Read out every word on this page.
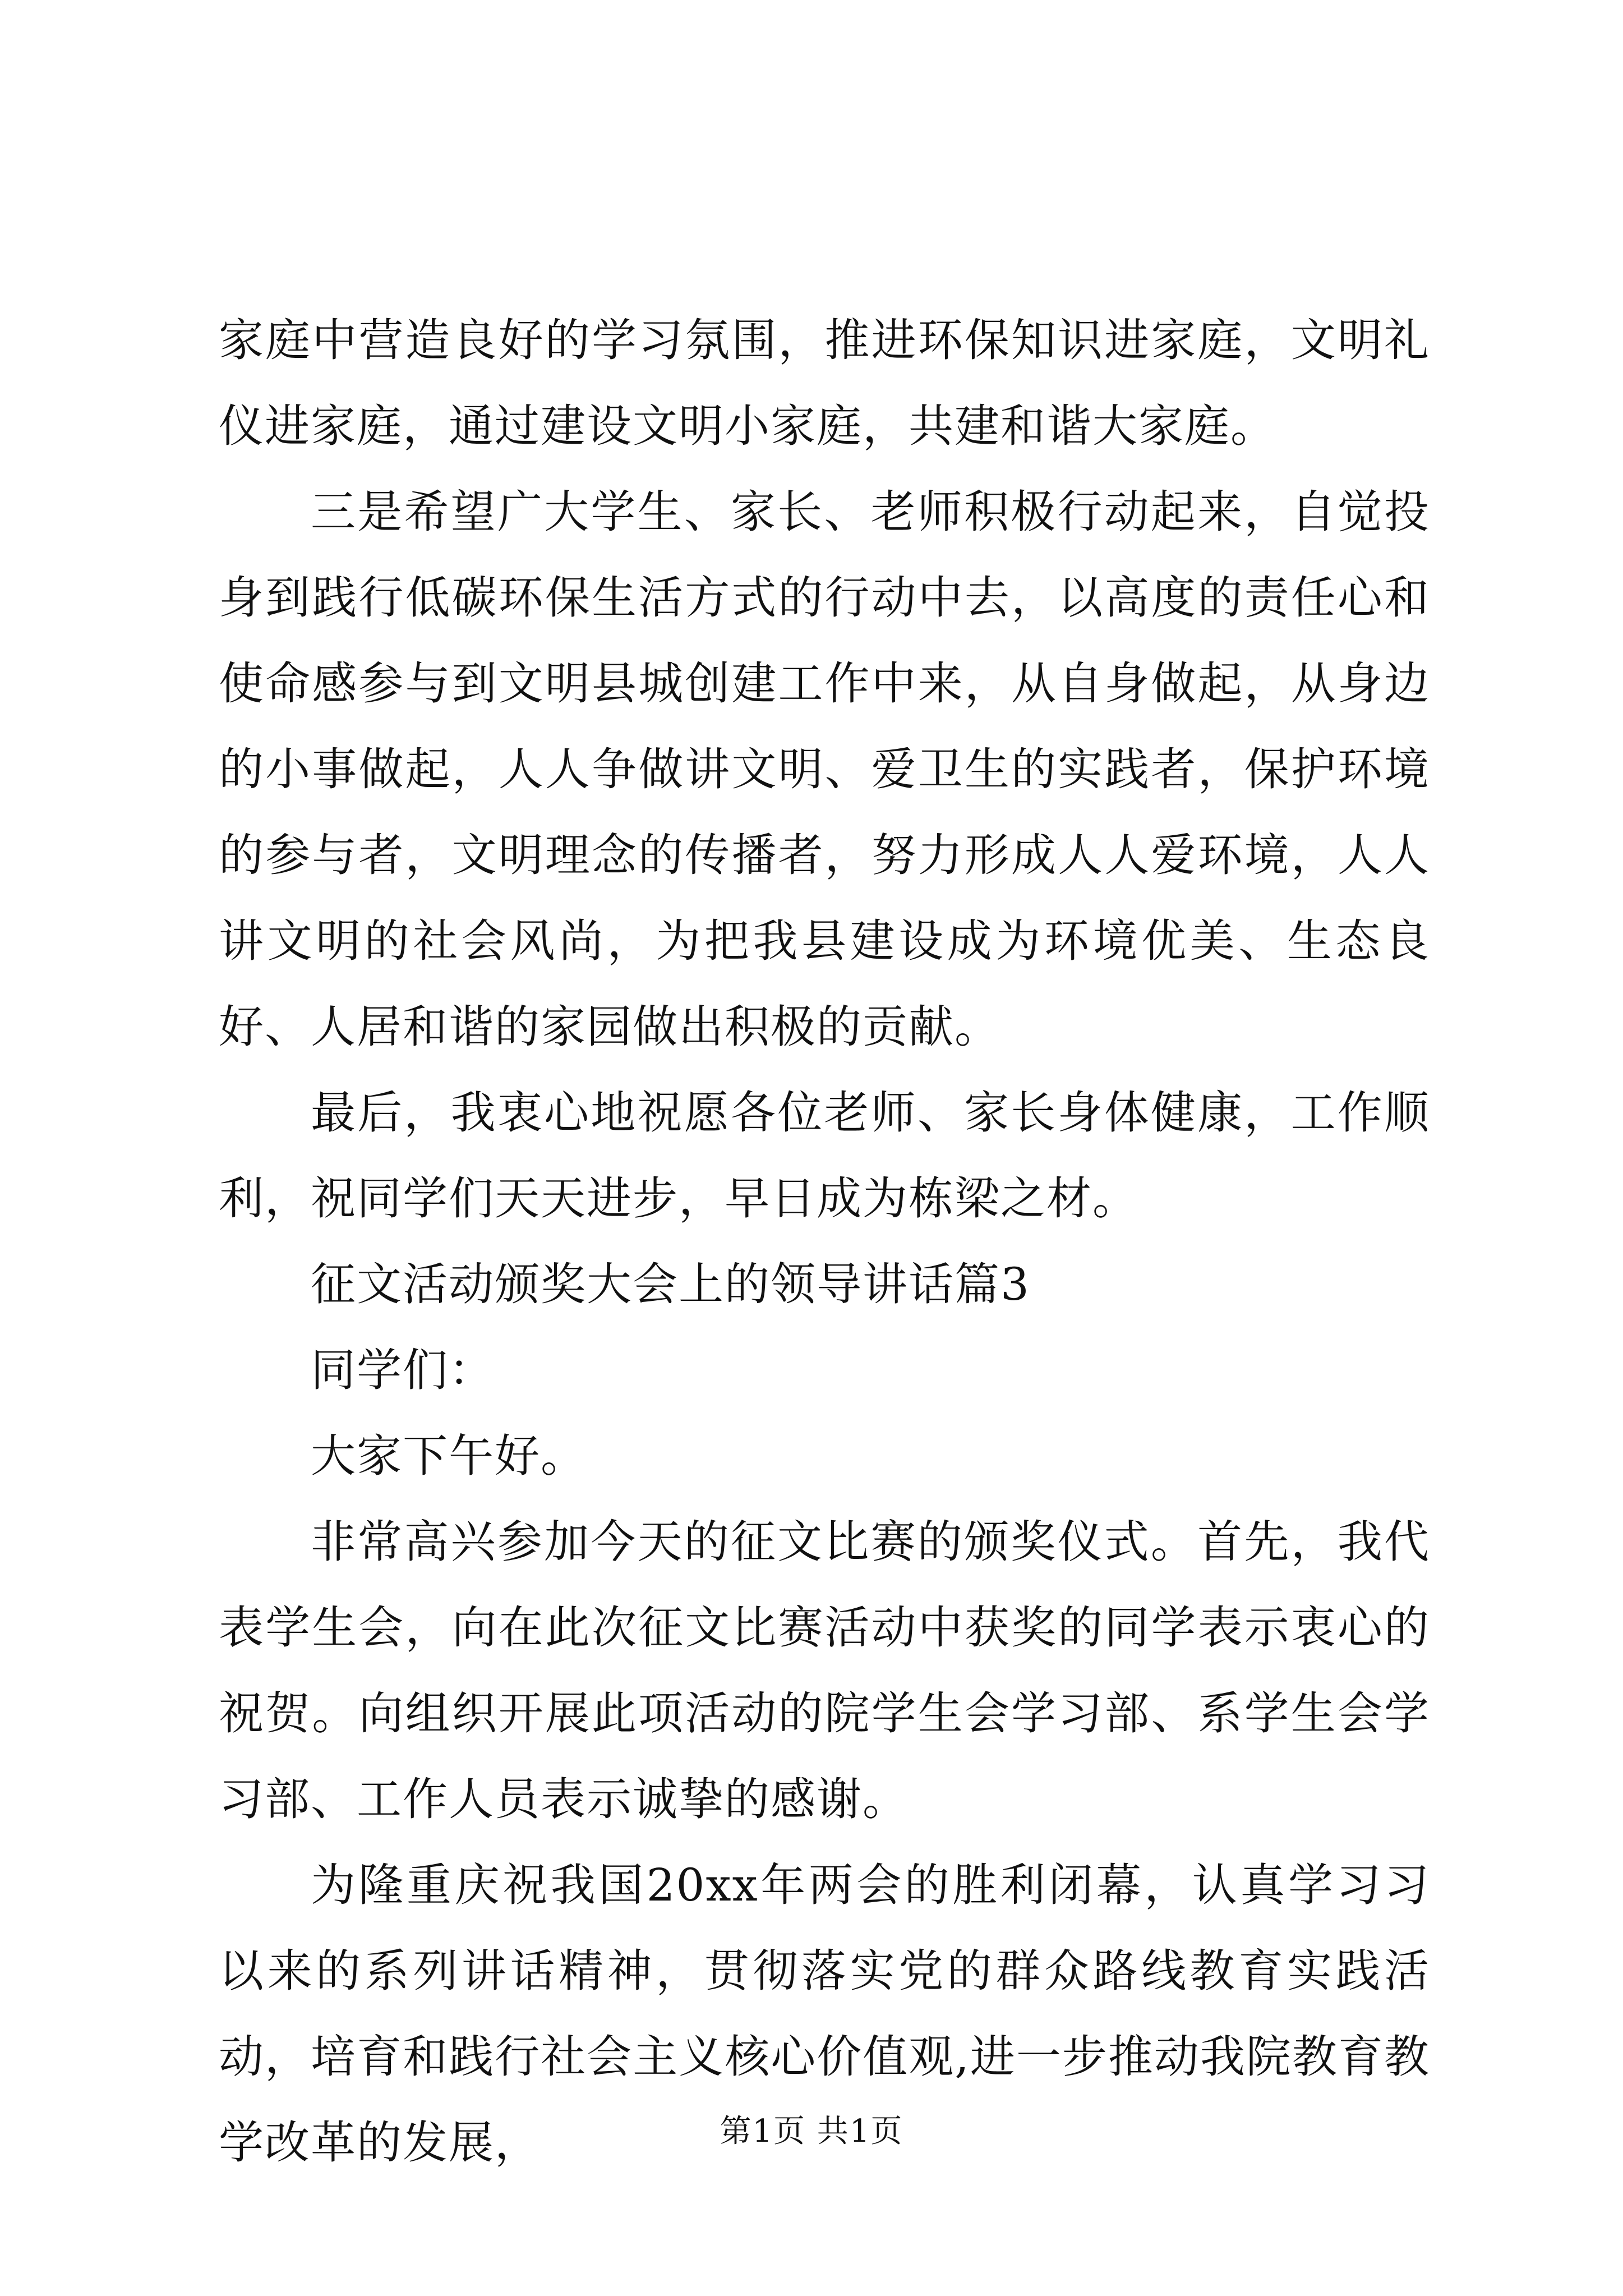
家庭中营造良好的学习氛围，推进环保知识进家庭，文明礼仪进家庭，通过建设文明小家庭，共建和谐大家庭。

三是希望广大学生、家长、老师积极行动起来，自觉投身到践行低碳环保生活方式的行动中去，以高度的责任心和使命感参与到文明县城创建工作中来，从自身做起，从身边的小事做起，人人争做讲文明、爱卫生的实践者，保护环境的参与者，文明理念的传播者，努力形成人人爱环境，人人讲文明的社会风尚，为把我县建设成为环境优美、生态良好、人居和谐的家园做出积极的贡献。

最后，我衷心地祝愿各位老师、家长身体健康，工作顺利，祝同学们天天进步，早日成为栋梁之材。

征文活动颁奖大会上的领导讲话篇3

同学们：

大家下午好。

非常高兴参加今天的征文比赛的颁奖仪式。首先，我代表学生会，向在此次征文比赛活动中获奖的同学表示衷心的祝贺。向组织开展此项活动的院学生会学习部、系学生会学习部、工作人员表示诚挚的感谢。

为隆重庆祝我国20xx年两会的胜利闭幕，认真学习习以来的系列讲话精神，贯彻落实党的群众路线教育实践活动，培育和践行社会主义核心价值观,进一步推动我院教育教学改革的发展，	第1页 共1页
